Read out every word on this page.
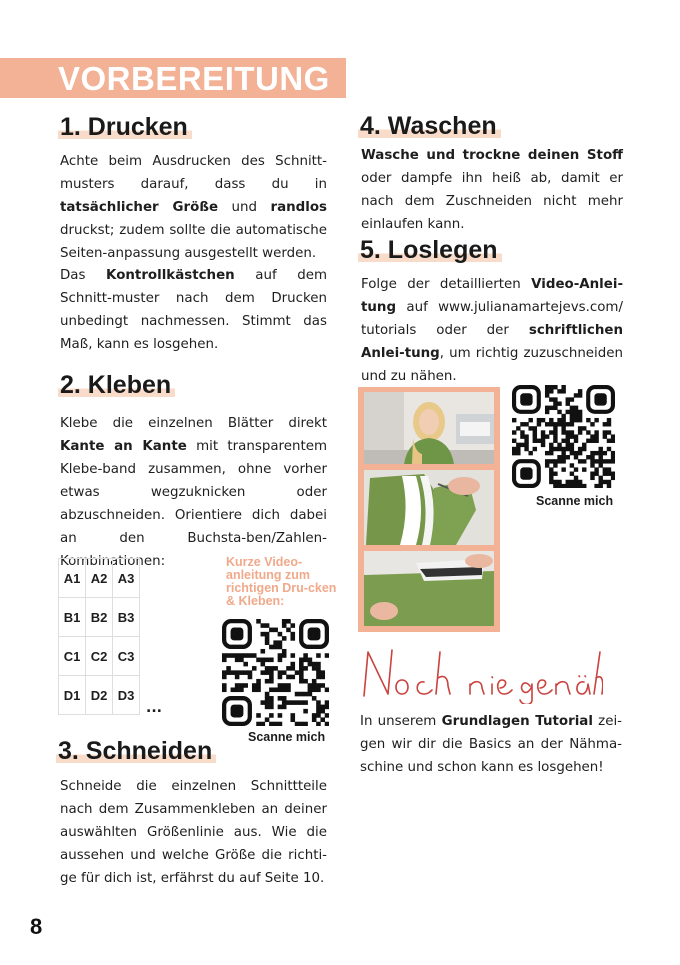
VORBEREITUNG
1. Drucken

Achte beim Ausdrucken des Schnitt-musters darauf, dass du in tatsächlicher Größe und randlos druckst; zudem sollte die automatische Seiten-anpassung ausgestellt werden.

Das Kontrollkästchen auf dem Schnitt-muster nach dem Drucken unbedingt nachmessen. Stimmt das Maß, kann es losgehen.

2. Kleben

Klebe die einzelnen Blätter direkt Kante an Kante mit transparentem Klebe-band zusammen, ohne vorher etwas wegzuknicken oder abzuschneiden. Orientiere dich dabei an den Buchsta-ben/Zahlen-Kombinationen:

A1	A2	A3
B1	B2	B3
C1	C2	C3
D1	D2	D3
...
Kurze Video-anleitung zum richtigen Dru-cken & Kleben:
Scanne mich
3. Schneiden

Schneide die einzelnen Schnittteile nach dem Zusammenkleben an deiner auswählten Größenlinie aus. Wie die aussehen und welche Größe die richti-ge für dich ist, erfährst du auf Seite 10.

4. Waschen

Wasche und trockne deinen Stoff oder dampfe ihn heiß ab, damit er nach dem Zuschneiden nicht mehr einlaufen kann.

5. Loslegen

Folge der detaillierten Video-Anlei-tung auf www.julianamartejevs.com/ tutorials oder der schriftlichen Anlei-tung, um richtig zuzuschneiden und zu nähen.

Scanne mich

In unserem Grundlagen Tutorial zei-gen wir dir die Basics an der Nähma-schine und schon kann es losgehen!

8
